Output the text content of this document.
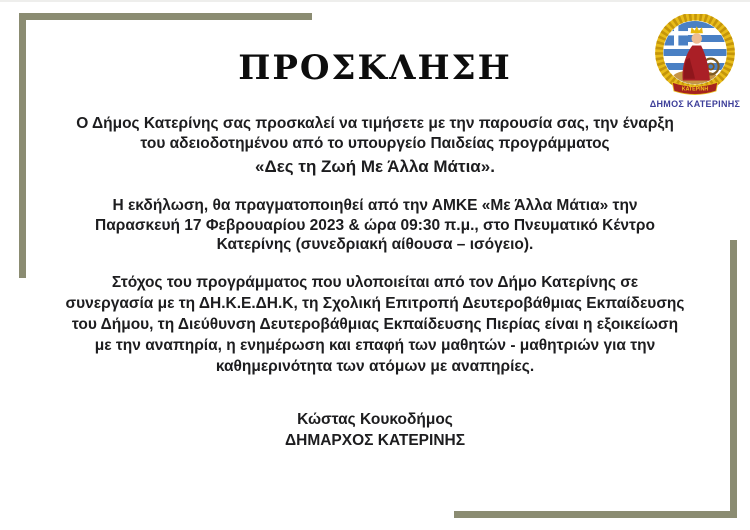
ΚΑΤΕΡΙΝΗ
ΔΗΜΟΣ ΚΑΤΕΡΙΝΗΣ
ΠΡΟΣΚΛΗΣΗ
Ο Δήμος Κατερίνης σας προσκαλεί να τιμήσετε με την παρουσία σας, την έναρξη
του αδειοδοτημένου από το υπουργείο Παιδείας προγράμματος
«Δες τη Ζωή Με Άλλα Μάτια».
Η εκδήλωση, θα πραγματοποιηθεί από την ΑΜΚΕ «Με Άλλα Μάτια» την
Παρασκευή 17 Φεβρουαρίου 2023 & ώρα 09:30 π.μ., στο Πνευματικό Κέντρο
Κατερίνης (συνεδριακή αίθουσα – ισόγειο).
Στόχος του προγράμματος που υλοποιείται από τον Δήμο Κατερίνης σε
συνεργασία με τη ΔΗ.Κ.Ε.ΔΗ.Κ, τη Σχολική Επιτροπή Δευτεροβάθμιας Εκπαίδευσης
του Δήμου, τη Διεύθυνση Δευτεροβάθμιας Εκπαίδευσης Πιερίας είναι η εξοικείωση
με την αναπηρία, η ενημέρωση και επαφή των μαθητών - μαθητριών για την
καθημερινότητα των ατόμων με αναπηρίες.
Κώστας Κουκοδήμος
ΔΗΜΑΡΧΟΣ ΚΑΤΕΡΙΝΗΣ
